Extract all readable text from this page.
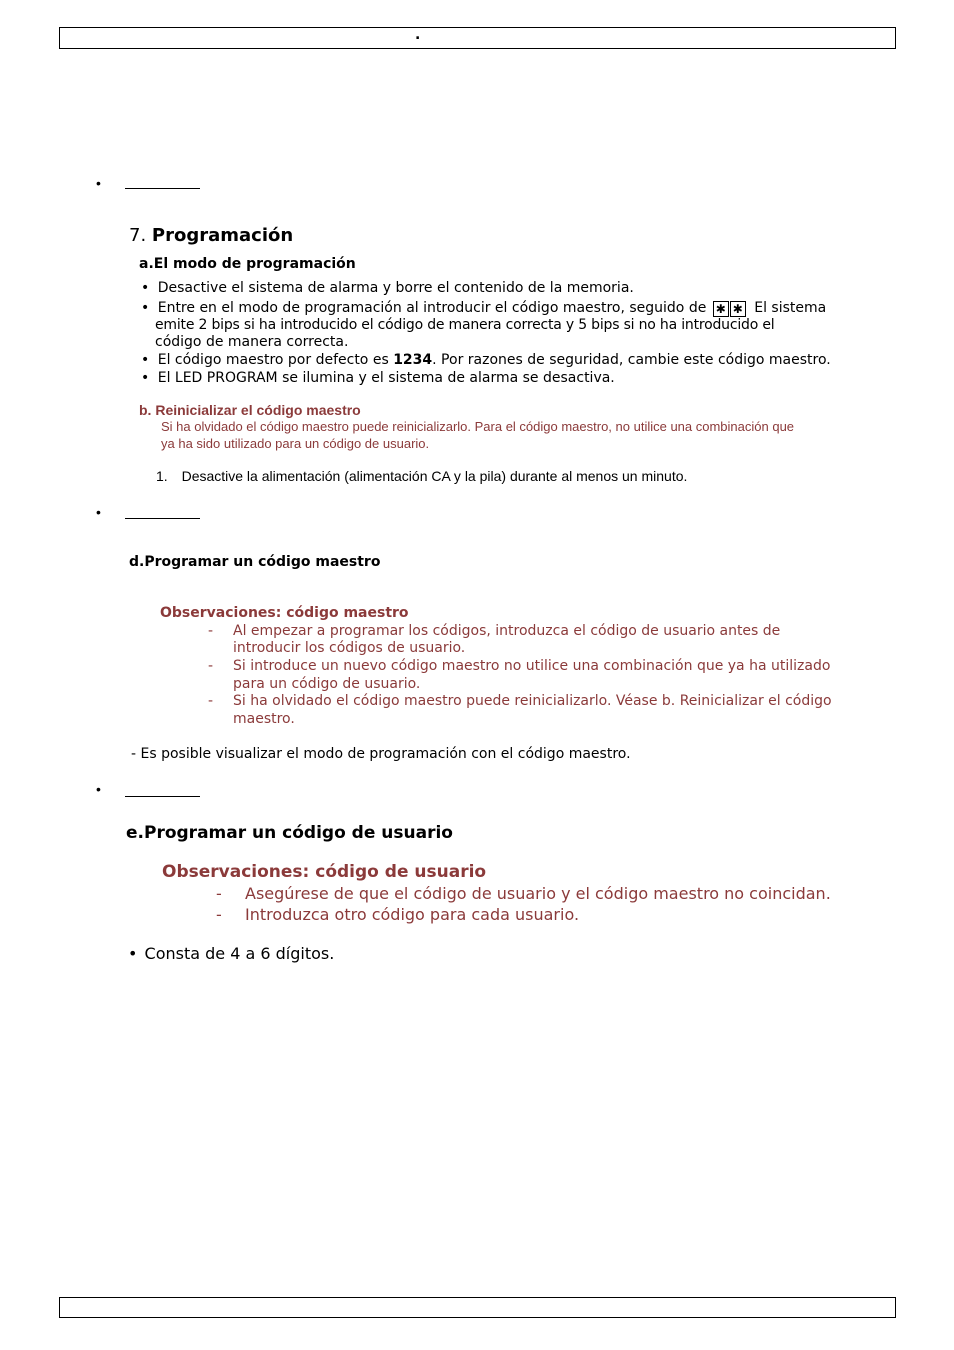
.
•
•
•
7. Programación
a.El modo de programación
• Desactive el sistema de alarma y borre el contenido de la memoria.
• Entre en el modo de programación al introducir el código maestro, seguido de ✱ ✱ El sistema
emite 2 bips si ha introducido el código de manera correcta y 5 bips si no ha introducido el
código de manera correcta.
• El código maestro por defecto es 1234. Por razones de seguridad, cambie este código maestro.
• El LED PROGRAM se ilumina y el sistema de alarma se desactiva.
b. Reinicializar el código maestro
Si ha olvidado el código maestro puede reinicializarlo. Para el código maestro, no utilice una combinación que
ya ha sido utilizado para un código de usuario.
1. Desactive la alimentación (alimentación CA y la pila) durante al menos un minuto.
d.Programar un código maestro
Observaciones: código maestro
- Al empezar a programar los códigos, introduzca el código de usuario antes de
introducir los códigos de usuario.
- Si introduce un nuevo código maestro no utilice una combinación que ya ha utilizado
para un código de usuario.
- Si ha olvidado el código maestro puede reinicializarlo. Véase b. Reinicializar el código
maestro.
- Es posible visualizar el modo de programación con el código maestro.
e.Programar un código de usuario
Observaciones: código de usuario
- Asegúrese de que el código de usuario y el código maestro no coincidan.
- Introduzca otro código para cada usuario.
• Consta de 4 a 6 dígitos.
